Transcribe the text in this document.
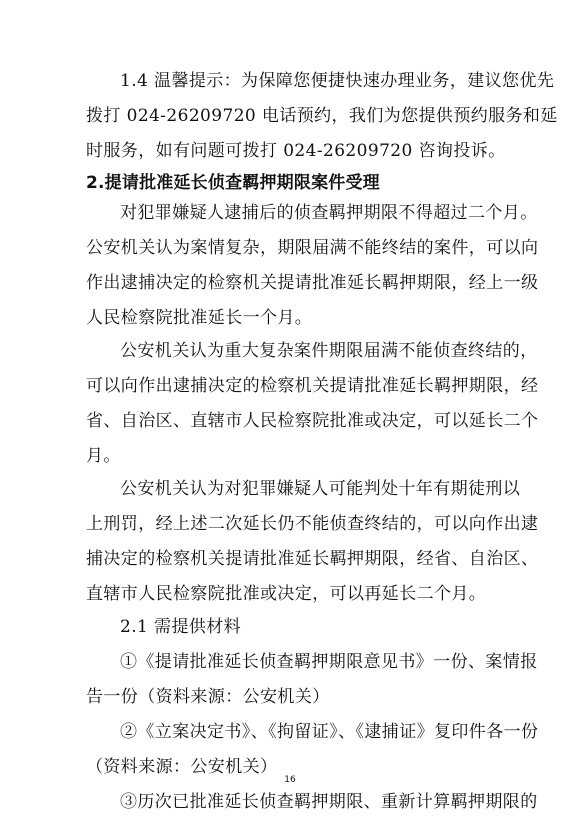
1.4 温馨提示：为保障您便捷快速办理业务，建议您优先
拨打 024-26209720 电话预约，我们为您提供预约服务和延
时服务，如有问题可拨打 024-26209720 咨询投诉。
2.提请批准延长侦查羁押期限案件受理
对犯罪嫌疑人逮捕后的侦查羁押期限不得超过二个月。
公安机关认为案情复杂，期限届满不能终结的案件，可以向
作出逮捕决定的检察机关提请批准延长羁押期限，经上一级
人民检察院批准延长一个月。
公安机关认为重大复杂案件期限届满不能侦查终结的，
可以向作出逮捕决定的检察机关提请批准延长羁押期限，经
省、自治区、直辖市人民检察院批准或决定，可以延长二个
月。
公安机关认为对犯罪嫌疑人可能判处十年有期徒刑以
上刑罚，经上述二次延长仍不能侦查终结的，可以向作出逮
捕决定的检察机关提请批准延长羁押期限，经省、自治区、
直辖市人民检察院批准或决定，可以再延长二个月。
2.1 需提供材料
①《提请批准延长侦查羁押期限意见书》一份、案情报
告一份（资料来源：公安机关）
②《立案决定书》、《拘留证》、《逮捕证》复印件各一份
（资料来源：公安机关）
③历次已批准延长侦查羁押期限、重新计算羁押期限的
16
